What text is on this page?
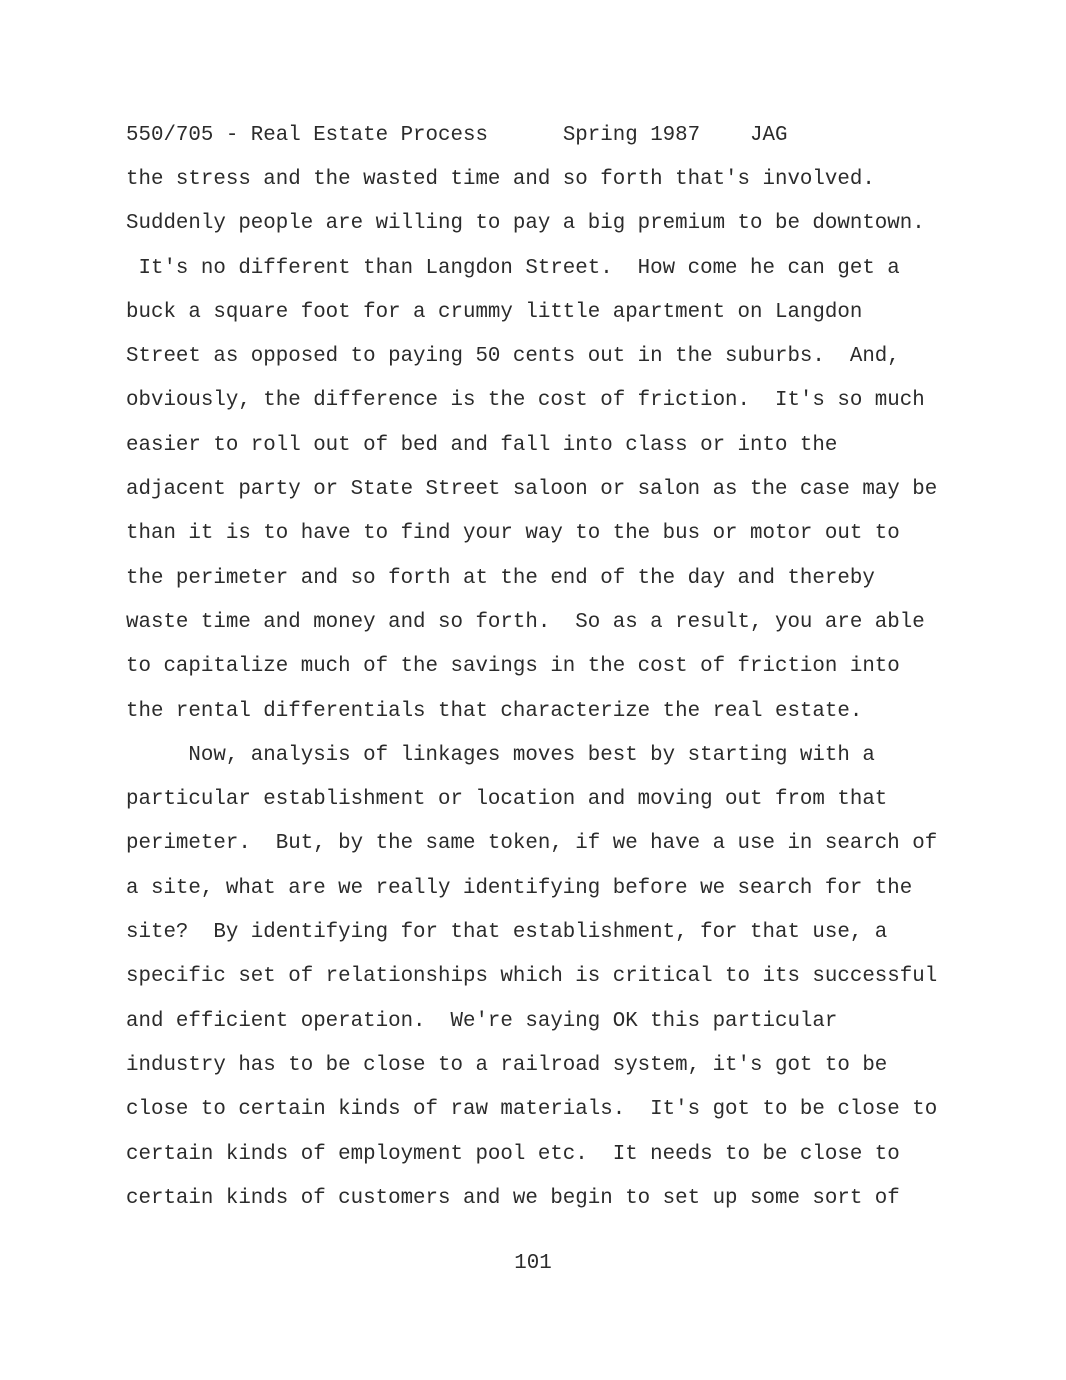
550/705 - Real Estate Process	Spring 1987 JAG
the stress and the wasted time and so forth that's involved.
Suddenly people are willing to pay a big premium to be downtown.
It's no different than Langdon Street.  How come he can get a
buck a square foot for a crummy little apartment on Langdon
Street as opposed to paying 50 cents out in the suburbs.  And,
obviously, the difference is the cost of friction.  It's so much
easier to roll out of bed and fall into class or into the
adjacent party or State Street saloon or salon as the case may be
than it is to have to find your way to the bus or motor out to
the perimeter and so forth at the end of the day and thereby
waste time and money and so forth.  So as a result, you are able
to capitalize much of the savings in the cost of friction into
the rental differentials that characterize the real estate.
Now, analysis of linkages moves best by starting with a
particular establishment or location and moving out from that
perimeter.  But, by the same token, if we have a use in search of
a site, what are we really identifying before we search for the
site?  By identifying for that establishment, for that use, a
specific set of relationships which is critical to its successful
and efficient operation.  We're saying OK this particular
industry has to be close to a railroad system, it's got to be
close to certain kinds of raw materials.  It's got to be close to
certain kinds of employment pool etc.  It needs to be close to
certain kinds of customers and we begin to set up some sort of
101
